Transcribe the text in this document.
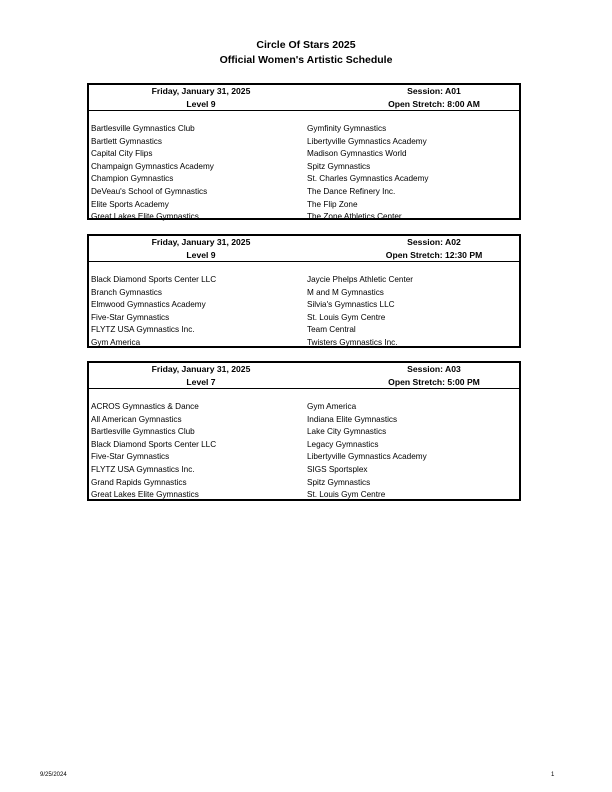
Circle Of Stars 2025
Official Women's Artistic Schedule
Friday, January 31, 2025
Level 9
Session: A01
Open Stretch: 8:00 AM
Bartlesville Gymnastics Club
Bartlett Gymnastics
Capital City Flips
Champaign Gymnastics Academy
Champion Gymnastics
DeVeau's School of Gymnastics
Elite Sports Academy
Great Lakes Elite Gymnastics
Gymfinity Gymnastics
Libertyville Gymnastics Academy
Madison Gymnastics World
Spitz Gymnastics
St. Charles Gymnastics Academy
The Dance Refinery Inc.
The Flip Zone
The Zone Athletics Center
Friday, January 31, 2025
Level 9
Session: A02
Open Stretch: 12:30 PM
Black Diamond Sports Center LLC
Branch Gymnastics
Elmwood Gymnastics Academy
Five-Star Gymnastics
FLYTZ USA Gymnastics Inc.
Gym America
Jaycie Phelps Athletic Center
M and M Gymnastics
Silvia's Gymnastics LLC
St. Louis Gym Centre
Team Central
Twisters Gymnastics Inc.
Friday, January 31, 2025
Level 7
Session: A03
Open Stretch: 5:00 PM
ACROS Gymnastics & Dance
All American Gymnastics
Bartlesville Gymnastics Club
Black Diamond Sports Center LLC
Five-Star Gymnastics
FLYTZ USA Gymnastics Inc.
Grand Rapids Gymnastics
Great Lakes Elite Gymnastics
Gym America
Indiana Elite Gymnastics
Lake City Gymnastics
Legacy Gymnastics
Libertyville Gymnastics Academy
SIGS Sportsplex
Spitz Gymnastics
St. Louis Gym Centre
9/25/2024	1
